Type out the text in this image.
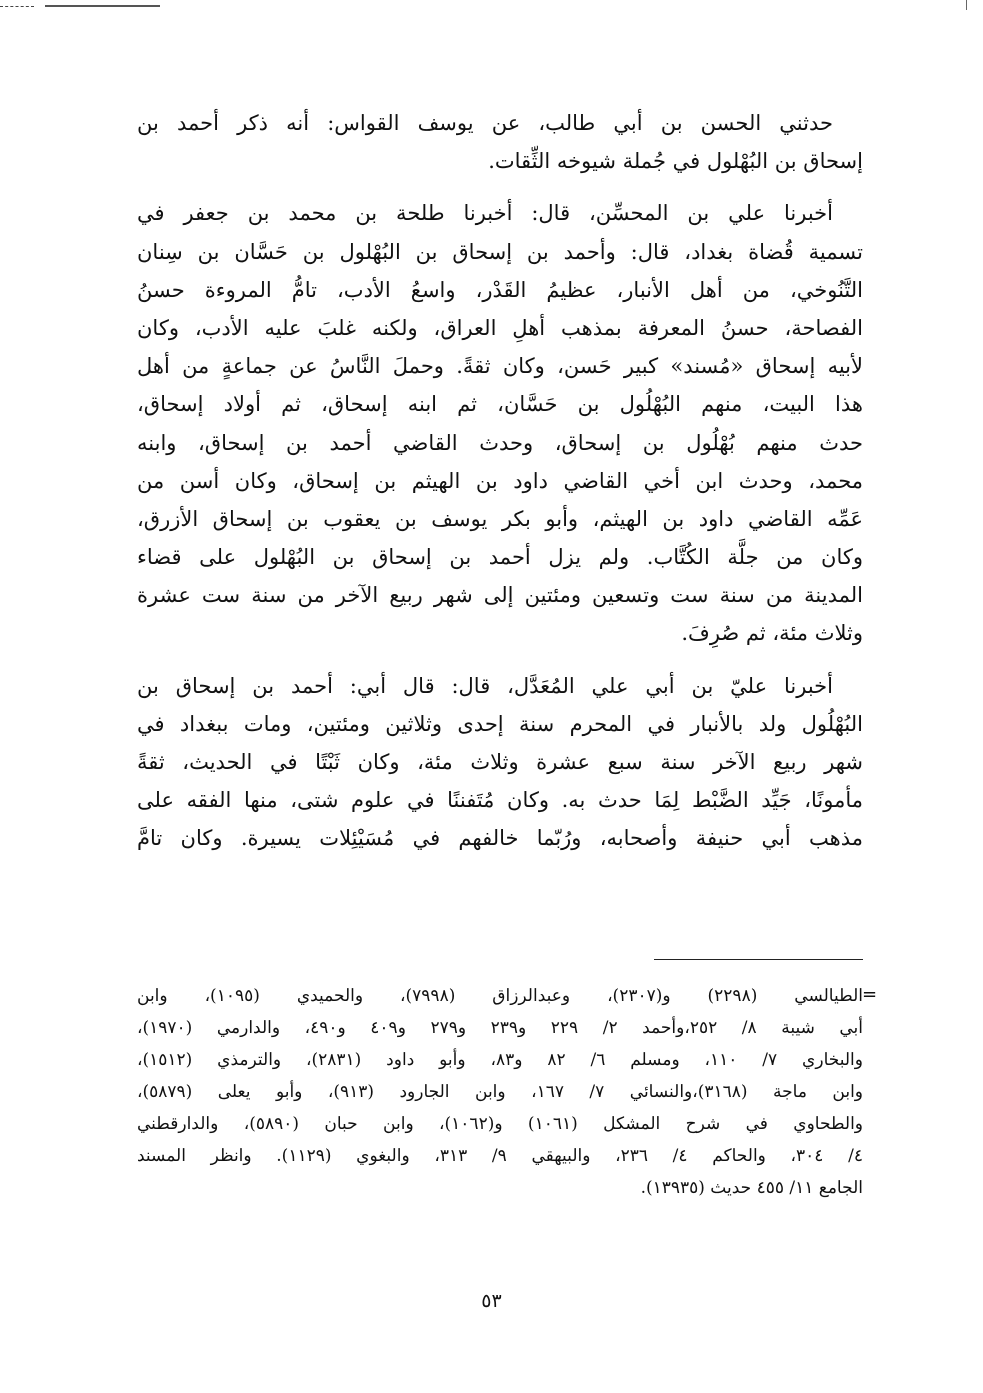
حدثني الحسن بن أبي طالب، عن يوسف القواس: أنه ذكر أحمد بن
إسحاق بن البُهْلول في جُملة شيوخه الثِّقات.
أخبرنا علي بن المحسِّن، قال: أخبرنا طلحة بن محمد بن جعفر في
تسمية قُضاة بغداد، قال: وأحمد بن إسحاق بن البُهْلول بن حَسَّان بن سِنان
التَّنُوخي، من أهل الأنبار، عظيمُ القَدْر، واسعُ الأدب، تامُّ المروءة حسنُ
الفصاحة، حسنُ المعرفة بمذهب أهلِ العراق، ولكنه غلبَ عليه الأدب، وكان
لأبيه إسحاق «مُسند» كبير حَسن، وكان ثقةً. وحملَ النَّاسُ عن جماعةٍ من أهل
هذا البيت، منهم البُهْلُول بن حَسَّان، ثم ابنه إسحاق، ثم أولاد إسحاق،
حدث منهم بُهْلُول بن إسحاق، وحدث القاضي أحمد بن إسحاق، وابنه
محمد، وحدث ابن أخي القاضي داود بن الهيثم بن إسحاق، وكان أسن من
عَمِّه القاضي داود بن الهيثم، وأبو بكر يوسف بن يعقوب بن إسحاق الأزرق،
وكان من جلَّة الكُتَّاب. ولم يزل أحمد بن إسحاق بن البُهْلول على قضاء
المدينة من سنة ست وتسعين ومئتين إلى شهر ربيع الآخر من سنة ست عشرة
وثلاث مئة، ثم صُرِفَ.
أخبرنا عليّ بن أبي علي المُعَدَّل، قال: قال أبي: أحمد بن إسحاق بن
البُهْلُول ولد بالأنبار في المحرم سنة إحدى وثلاثين ومئتين، ومات ببغداد في
شهر ربيع الآخر سنة سبع عشرة وثلاث مئة، وكان ثَبْتًا في الحديث، ثقةً
مأمونًا، جَيِّد الضَّبْط لِمَا حدث به. وكان مُتَفننًا في علوم شتى، منها الفقه على
مذهب أبي حنيفة وأصحابه، ورُبّما خالفهم في مُسَيْئِلات يسيرة. وكان تامَّ
=
الطيالسي (٢٢٩٨) و(٢٣٠٧)، وعبدالرزاق (٧٩٩٨)، والحميدي (١٠٩٥)، وابن
أبي شيبة ٨/ ٢٥٢،وأحمد ٢/ ٢٢٩ و٢٣٩ و٢٧٩ و٤٠٩ و٤٩٠، والدارمي (١٩٧٠)،
والبخاري ٧/ ١١٠، ومسلم ٦/ ٨٢ و٨٣، وأبو داود (٢٨٣١)، والترمذي (١٥١٢)،
وابن ماجة (٣١٦٨)،والنسائي ٧/ ١٦٧، وابن الجارود (٩١٣)، وأبو يعلى (٥٨٧٩)،
والطحاوي في شرح المشكل (١٠٦١) و(١٠٦٢)، وابن حبان (٥٨٩٠)، والدارقطني
٤/ ٣٠٤، والحاكم ٤/ ٢٣٦، والبيهقي ٩/ ٣١٣، والبغوي (١١٢٩). وانظر المسند
الجامع ١١/ ٤٥٥ حديث (١٣٩٣٥).
٥٣
